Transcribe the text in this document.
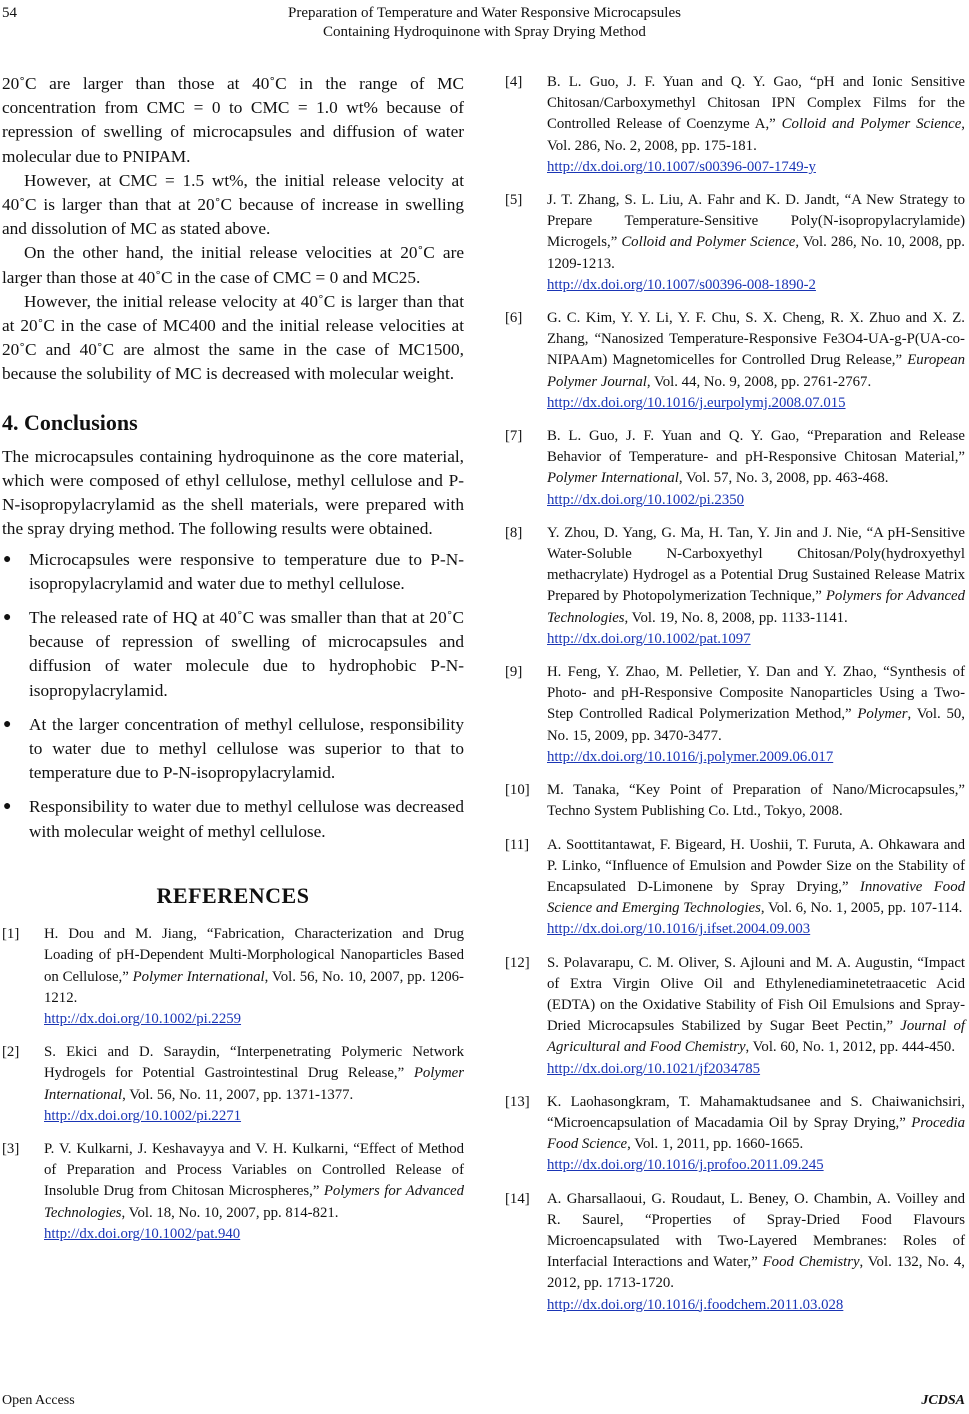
54	Preparation of Temperature and Water Responsive Microcapsules
Containing Hydroquinone with Spray Drying Method

20˚C are larger than those at 40˚C in the range of MC concentration from CMC = 0 to CMC = 1.0 wt% because of repression of swelling of microcapsules and diffusion of water molecular due to PNIPAM.

However, at CMC = 1.5 wt%, the initial release velocity at 40˚C is larger than that at 20˚C because of increase in swelling and dissolution of MC as stated above.

On the other hand, the initial release velocities at 20˚C are larger than those at 40˚C in the case of CMC = 0 and MC25.

However, the initial release velocity at 40˚C is larger than that at 20˚C in the case of MC400 and the initial release velocities at 20˚C and 40˚C are almost the same in the case of MC1500, because the solubility of MC is decreased with molecular weight.

4. Conclusions

The microcapsules containing hydroquinone as the core material, which were composed of ethyl cellulose, methyl cellulose and P-N-isopropylacrylamid as the shell materials, were prepared with the spray drying method. The following results were obtained.

● Microcapsules were responsive to temperature due to P-N-isopropylacrylamid and water due to methyl cellulose.
● The released rate of HQ at 40˚C was smaller than that at 20˚C because of repression of swelling of microcapsules and diffusion of water molecule due to hydrophobic P-N-isopropylacrylamid.
● At the larger concentration of methyl cellulose, responsibility to water due to methyl cellulose was superior to that to temperature due to P-N-isopropylacrylamid.
● Responsibility to water due to methyl cellulose was decreased with molecular weight of methyl cellulose.
REFERENCES
[1] H. Dou and M. Jiang, “Fabrication, Characterization and Drug Loading of pH-Dependent Multi-Morphological Nanoparticles Based on Cellulose,” Polymer International, Vol. 56, No. 10, 2007, pp. 1206-1212.
http://dx.doi.org/10.1002/pi.2259
[2] S. Ekici and D. Saraydin, “Interpenetrating Polymeric Network Hydrogels for Potential Gastrointestinal Drug Release,” Polymer International, Vol. 56, No. 11, 2007, pp. 1371-1377.
http://dx.doi.org/10.1002/pi.2271
[3] P. V. Kulkarni, J. Keshavayya and V. H. Kulkarni, “Effect of Method of Preparation and Process Variables on Controlled Release of Insoluble Drug from Chitosan Microspheres,” Polymers for Advanced Technologies, Vol. 18, No. 10, 2007, pp. 814-821.
http://dx.doi.org/10.1002/pat.940
[4] B. L. Guo, J. F. Yuan and Q. Y. Gao, “pH and Ionic Sensitive Chitosan/Carboxymethyl Chitosan IPN Complex Films for the Controlled Release of Coenzyme A,” Colloid and Polymer Science, Vol. 286, No. 2, 2008, pp. 175-181.
http://dx.doi.org/10.1007/s00396-007-1749-y
[5] J. T. Zhang, S. L. Liu, A. Fahr and K. D. Jandt, “A New Strategy to Prepare Temperature-Sensitive Poly(N-isopropylacrylamide) Microgels,” Colloid and Polymer Science, Vol. 286, No. 10, 2008, pp. 1209-1213.
http://dx.doi.org/10.1007/s00396-008-1890-2
[6] G. C. Kim, Y. Y. Li, Y. F. Chu, S. X. Cheng, R. X. Zhuo and X. Z. Zhang, “Nanosized Temperature-Responsive Fe3O4-UA-g-P(UA-co-NIPAAm) Magnetomicelles for Controlled Drug Release,” European Polymer Journal, Vol. 44, No. 9, 2008, pp. 2761-2767.
http://dx.doi.org/10.1016/j.eurpolymj.2008.07.015
[7] B. L. Guo, J. F. Yuan and Q. Y. Gao, “Preparation and Release Behavior of Temperature- and pH-Responsive Chitosan Material,” Polymer International, Vol. 57, No. 3, 2008, pp. 463-468.
http://dx.doi.org/10.1002/pi.2350
[8] Y. Zhou, D. Yang, G. Ma, H. Tan, Y. Jin and J. Nie, “A pH-Sensitive Water-Soluble N-Carboxyethyl Chitosan/Poly(hydroxyethyl methacrylate) Hydrogel as a Potential Drug Sustained Release Matrix Prepared by Photopolymerization Technique,” Polymers for Advanced Technologies, Vol. 19, No. 8, 2008, pp. 1133-1141.
http://dx.doi.org/10.1002/pat.1097
[9] H. Feng, Y. Zhao, M. Pelletier, Y. Dan and Y. Zhao, “Synthesis of Photo- and pH-Responsive Composite Nanoparticles Using a Two-Step Controlled Radical Polymerization Method,” Polymer, Vol. 50, No. 15, 2009, pp. 3470-3477.
http://dx.doi.org/10.1016/j.polymer.2009.06.017
[10] M. Tanaka, “Key Point of Preparation of Nano/Microcapsules,” Techno System Publishing Co. Ltd., Tokyo, 2008.
[11] A. Soottitantawat, F. Bigeard, H. Uoshii, T. Furuta, A. Ohkawara and P. Linko, “Influence of Emulsion and Powder Size on the Stability of Encapsulated D-Limonene by Spray Drying,” Innovative Food Science and Emerging Technologies, Vol. 6, No. 1, 2005, pp. 107-114.
http://dx.doi.org/10.1016/j.ifset.2004.09.003
[12] S. Polavarapu, C. M. Oliver, S. Ajlouni and M. A. Augustin, “Impact of Extra Virgin Olive Oil and Ethylenediaminetetraacetic Acid (EDTA) on the Oxidative Stability of Fish Oil Emulsions and Spray-Dried Microcapsules Stabilized by Sugar Beet Pectin,” Journal of Agricultural and Food Chemistry, Vol. 60, No. 1, 2012, pp. 444-450.
http://dx.doi.org/10.1021/jf2034785
[13] K. Laohasongkram, T. Mahamaktudsanee and S. Chaiwanichsiri, “Microencapsulation of Macadamia Oil by Spray Drying,” Procedia Food Science, Vol. 1, 2011, pp. 1660-1665.
http://dx.doi.org/10.1016/j.profoo.2011.09.245
[14] A. Gharsallaoui, G. Roudaut, L. Beney, O. Chambin, A. Voilley and R. Saurel, “Properties of Spray-Dried Food Flavours Microencapsulated with Two-Layered Membranes: Roles of Interfacial Interactions and Water,” Food Chemistry, Vol. 132, No. 4, 2012, pp. 1713-1720.
http://dx.doi.org/10.1016/j.foodchem.2011.03.028
Open Access	JCDSA
